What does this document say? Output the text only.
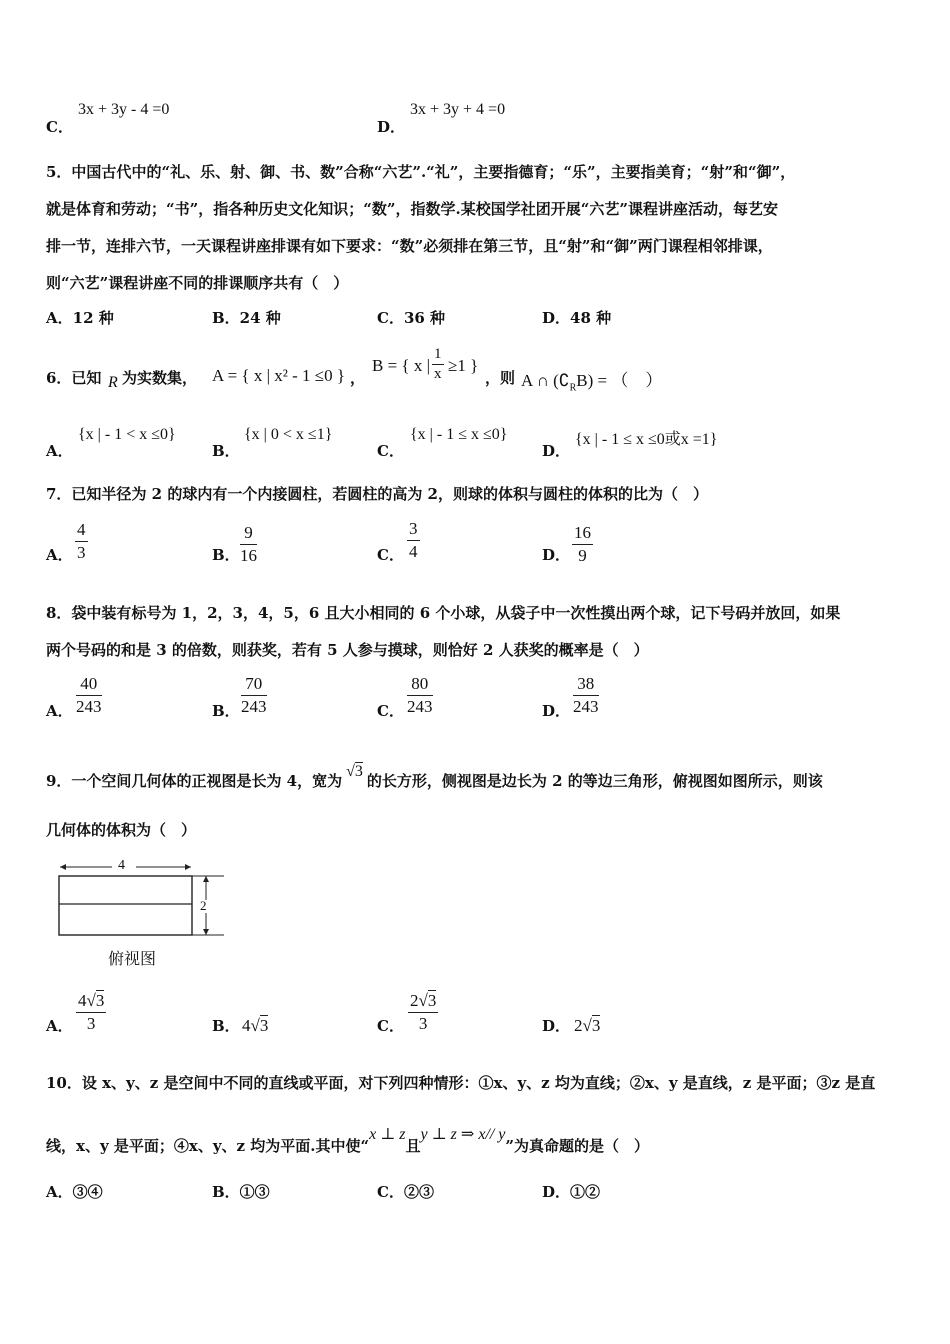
C．
3x + 3y - 4 =0
D．
3x + 3y + 4 =0
5．中国古代中的“礼、乐、射、御、书、数”合称“六艺”.“礼”，主要指德育；“乐”，主要指美育；“射”和“御”，
就是体育和劳动；“书”，指各种历史文化知识；“数”，指数学.某校国学社团开展“六艺”课程讲座活动，每艺安
排一节，连排六节，一天课程讲座排课有如下要求：“数”必须排在第三节，且“射”和“御”两门课程相邻排课，
则“六艺”课程讲座不同的排课顺序共有（　）
A．12 种	B．24 种	C．36 种	D．48 种
6．已知 R 为实数集， A = { x | x² - 1 ≤0 } ，
B = { x | $\frac{1}{x} \ge 1$ }
，则 A ∩ $(∁_RB)$ = （　）
A．
{x | - 1 < x ≤0}
B．
{x | 0 < x ≤1}
C．
{x | - 1 ≤ x ≤0}
D．
{x | - 1 ≤ x ≤0或x =1}
7．已知半径为 2 的球内有一个内接圆柱，若圆柱的高为 2，则球的体积与圆柱的体积的比为（　）
A． $\frac{4}{3}$	B． $\frac{9}{16}$	C． $\frac{3}{4}$	D． $\frac{16}{9}$
8．袋中装有标号为 1，2，3，4，5，6 且大小相同的 6 个小球，从袋子中一次性摸出两个球，记下号码并放回，如果
两个号码的和是 3 的倍数，则获奖，若有 5 人参与摸球，则恰好 2 人获奖的概率是（　）
A． $\frac{40}{243}$	B． $\frac{70}{243}$	C． $\frac{80}{243}$	D． $\frac{38}{243}$
9．一个空间几何体的正视图是长为 4，宽为 √3 的长方形，侧视图是边长为 2 的等边三角形，俯视图如图所示，则该
几何体的体积为（　）
4
2
俯视图
A． $\frac{4√3}{3}$	B． 4√3	C． $\frac{2√3}{3}$	D． 2√3
10．设 x、y、z 是空间中不同的直线或平面，对下列四种情形：①x、y、z 均为直线；②x、y 是直线，z 是平面；③z 是直
线，x、y 是平面；④x、y、z 均为平面.其中使“x ⊥ z且y ⊥ z ⇒ x// y”为真命题的是（　）
A．③④	B．①③	C．②③	D．①②
